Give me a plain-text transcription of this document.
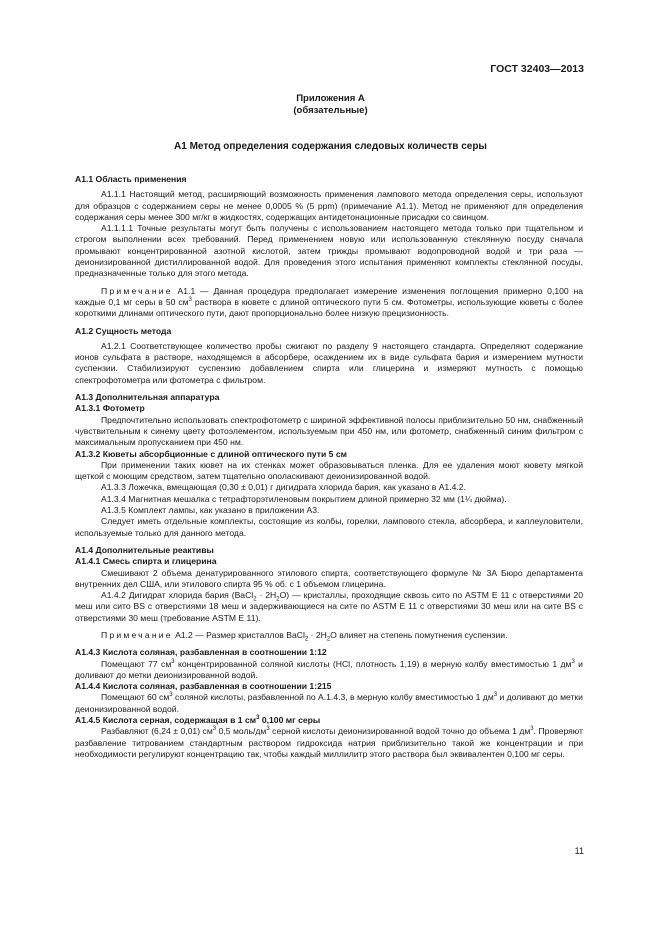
ГОСТ 32403—2013
Приложения А
(обязательные)
А1 Метод определения содержания следовых количеств серы
А1.1 Область применения

А1.1.1 Настоящий метод, расширяющий возможность применения лампового метода определения серы, используют для образцов с содержанием серы не менее 0,0005 % (5 ppm) (примечание А1.1). Метод не применяют для определения содержания серы менее 300 мг/кг в жидкостях, содержащих антидетонационные присадки со свинцом.

А1.1.1.1 Точные результаты могут быть получены с использованием настоящего метода только при тщательном и строгом выполнении всех требований. Перед применением новую или использованную стеклянную посуду сначала промывают концентрированной азотной кислотой, затем трижды промывают водопроводной водой и три раза — деионизированной дистиллированной водой. Для проведения этого испытания применяют комплекты стеклянной посуды, предназначенные только для этого метода.

Примечание А1.1 — Данная процедура предполагает измерение изменения поглощения примерно 0,100 на каждые 0,1 мг серы в 50 $см^3$ раствора в кювете с длиной оптического пути 5 см. Фотометры, использующие кюветы с более короткими длинами оптического пути, дают пропорционально более низкую прецизионность.

А1.2 Сущность метода

А1.2.1 Соответствующее количество пробы сжигают по разделу 9 настоящего стандарта. Определяют содержание ионов сульфата в растворе, находящемся в абсорбере, осаждением их в виде сульфата бария и измерением мутности суспензии. Стабилизируют суспензию добавлением спирта или глицерина и измеряют мутность с помощью спектрофотометра или фотометра с фильтром.

А1.3 Дополнительная аппаратура
А1.3.1 Фотометр

Предпочтительно использовать спектрофотометр с шириной эффективной полосы приблизительно 50 нм, снабженный чувствительным к синему цвету фотоэлементом, используемым при 450 нм, или фотометр, снабженный синим фильтром с максимальным пропусканием при 450 нм.

А1.3.2 Кюветы абсорбционные с длиной оптического пути 5 см

При применении таких кювет на их стенках может образовываться пленка. Для ее удаления моют кювету мягкой щеткой с моющим средством, затем тщательно ополаскивают деионизированной водой.

А1.3.3 Ложечка, вмещающая (0,30 ± 0,01) г дигидрата хлорида бария, как указано в А1.4.2.

А1.3.4 Магнитная мешалка с тетрафторэтиленовым покрытием длиной примерно 32 мм (1¼ дюйма).

А1.3.5 Комплект лампы, как указано в приложении А3.

Следует иметь отдельные комплекты, состоящие из колбы, горелки, лампового стекла, абсорбера, и каплеуловители, используемые только для данного метода.

А1.4 Дополнительные реактивы
А1.4.1 Смесь спирта и глицерина

Смешивают 2 объема денатурированного этилового спирта, соответствующего формуле № 3А Бюро департамента внутренних дел США, или этилового спирта 95 % об. с 1 объемом глицерина.

А1.4.2 Дигидрат хлорида бария (BaCl$_2$ · $2H_2O$) — кристаллы, проходящие сквозь сито по ASTM E 11 с отверстиями 20 меш или сито BS с отверстиями 18 меш и задерживающиеся на сите по ASTM E 11 с отверстиями 30 меш или на сите BS с отверстиями 30 меш (требование ASTM E 11).

Примечание А1.2 — Размер кристаллов BaCl$_2$ · $2H_2O$ влияет на степень помутнения суспензии.

А1.4.3 Кислота соляная, разбавленная в соотношении 1:12

Помещают 77 $см^3$ концентрированной соляной кислоты (HCl, плотность 1,19) в мерную колбу вместимостью 1 $дм^3$ и доливают до метки деионизированной водой.

А1.4.4 Кислота соляная, разбавленная в соотношении 1:215

Помещают 60 $см^3$ соляной кислоты, разбавленной по А.1.4.3, в мерную колбу вместимостью 1 $дм^3$ и доливают до метки деионизированной водой.

А1.4.5 Кислота серная, содержащая в 1 $см^3$ 0,100 мг серы

Разбавляют (6,24 ± 0,01) $см^3$ 0,5 моль/$дм^3$ серной кислоты деионизированной водой точно до объема 1 $дм^3$. Проверяют разбавление титрованием стандартным раствором гидроксида натрия приблизительно такой же концентрации и при необходимости регулируют концентрацию так, чтобы каждый миллилитр этого раствора был эквивалентен 0,100 мг серы.

11
